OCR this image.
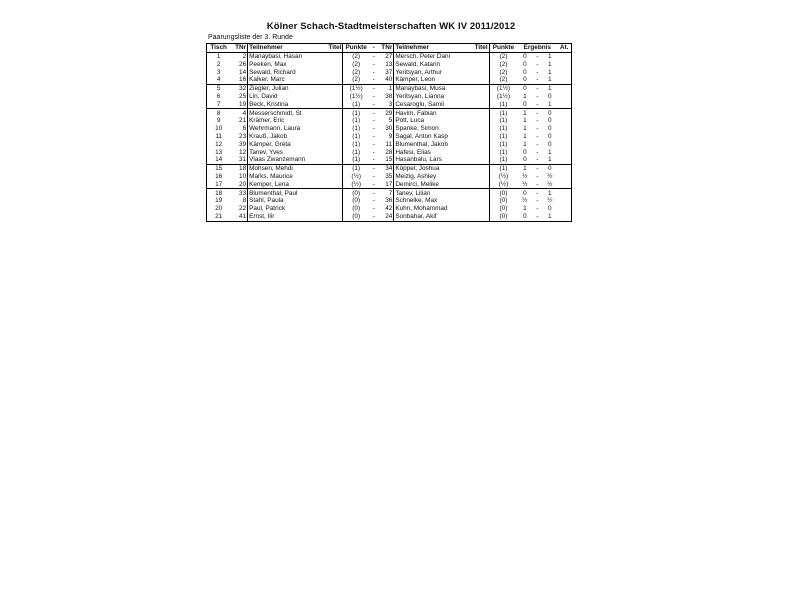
Kölner Schach-Stadtmeisterschaften WK IV 2011/2012
Paarungsliste der 3. Runde
Tisch	TNr	Teilnehmer	Titel	Punkte	-	TNr	Teilnehmer	Titel	Punkte	Ergebnis			At.
1	2	Manaybasi, Hasan		(2)	-	27	Mersch, Peter Dani		(2)	0	-	1	
2	26	Peeken, Max		(2)	-	13	Sewald, Katarin		(2)	0	-	1	
3	14	Sewald, Richard		(2)	-	37	Yeritsyan, Arthur		(2)	0	-	1	
4	16	Kalker, Marc		(2)	-	40	Kämper, Leon		(2)	0	-	1	
5	32	Ziegler, Julian		(1½)	-	1	Manaybasi, Musa		(1½)	0	-	1	
6	25	Lin, David		(1½)	-	38	Yeritsyan, Lianna		(1½)	1	-	0	
7	19	Beck, Kristina		(1)	-	3	Cesaroglu, Samil		(1)	0	-	1	
8	4	Messerschmidt, St		(1)	-	29	Havim, Fabian		(1)	1	-	0	
9	21	Krämer, Eric		(1)	-	5	Pott, Luca		(1)	1	-	0	
10	6	Wehrmann, Laura		(1)	-	30	Spanke, Simon		(1)	1	-	0	
11	23	Krauß, Jakob		(1)	-	9	Sagal, Anton Kasp		(1)	1	-	0	
12	39	Kämper, Greta		(1)	-	11	Blumenthal, Jakob		(1)	1	-	0	
13	12	Tanev, Yves		(1)	-	28	Hafesi, Elias		(1)	0	-	1	
14	31	Vlaas Zwanzemann		(1)	-	15	Hasanbalu, Lars		(1)	0	-	1	
15	18	Mohsen, Mehdi		(1)	-	34	Köppel, Joshua		(1)	1	-	0	
16	10	Marks, Maurice		(½)	-	35	Meizig, Ashley		(½)	½	-	½	
17	20	Kemper, Lena		(½)	-	17	Demirci, Melike		(½)	½	-	½	
18	33	Blumenthal, Paul		(0)	-	7	Tanev, Lilian		(0)	0	-	1	
19	8	Stahl, Paula		(0)	-	36	Schnelke, Max		(0)	½	-	½	
20	22	Paul, Patrick		(0)	-	42	Kuhn, Mohammad		(0)	1	-	0	
21	41	Ernst, Ilir		(0)	-	24	Sonbahar, Akif		(0)	0	-	1	
